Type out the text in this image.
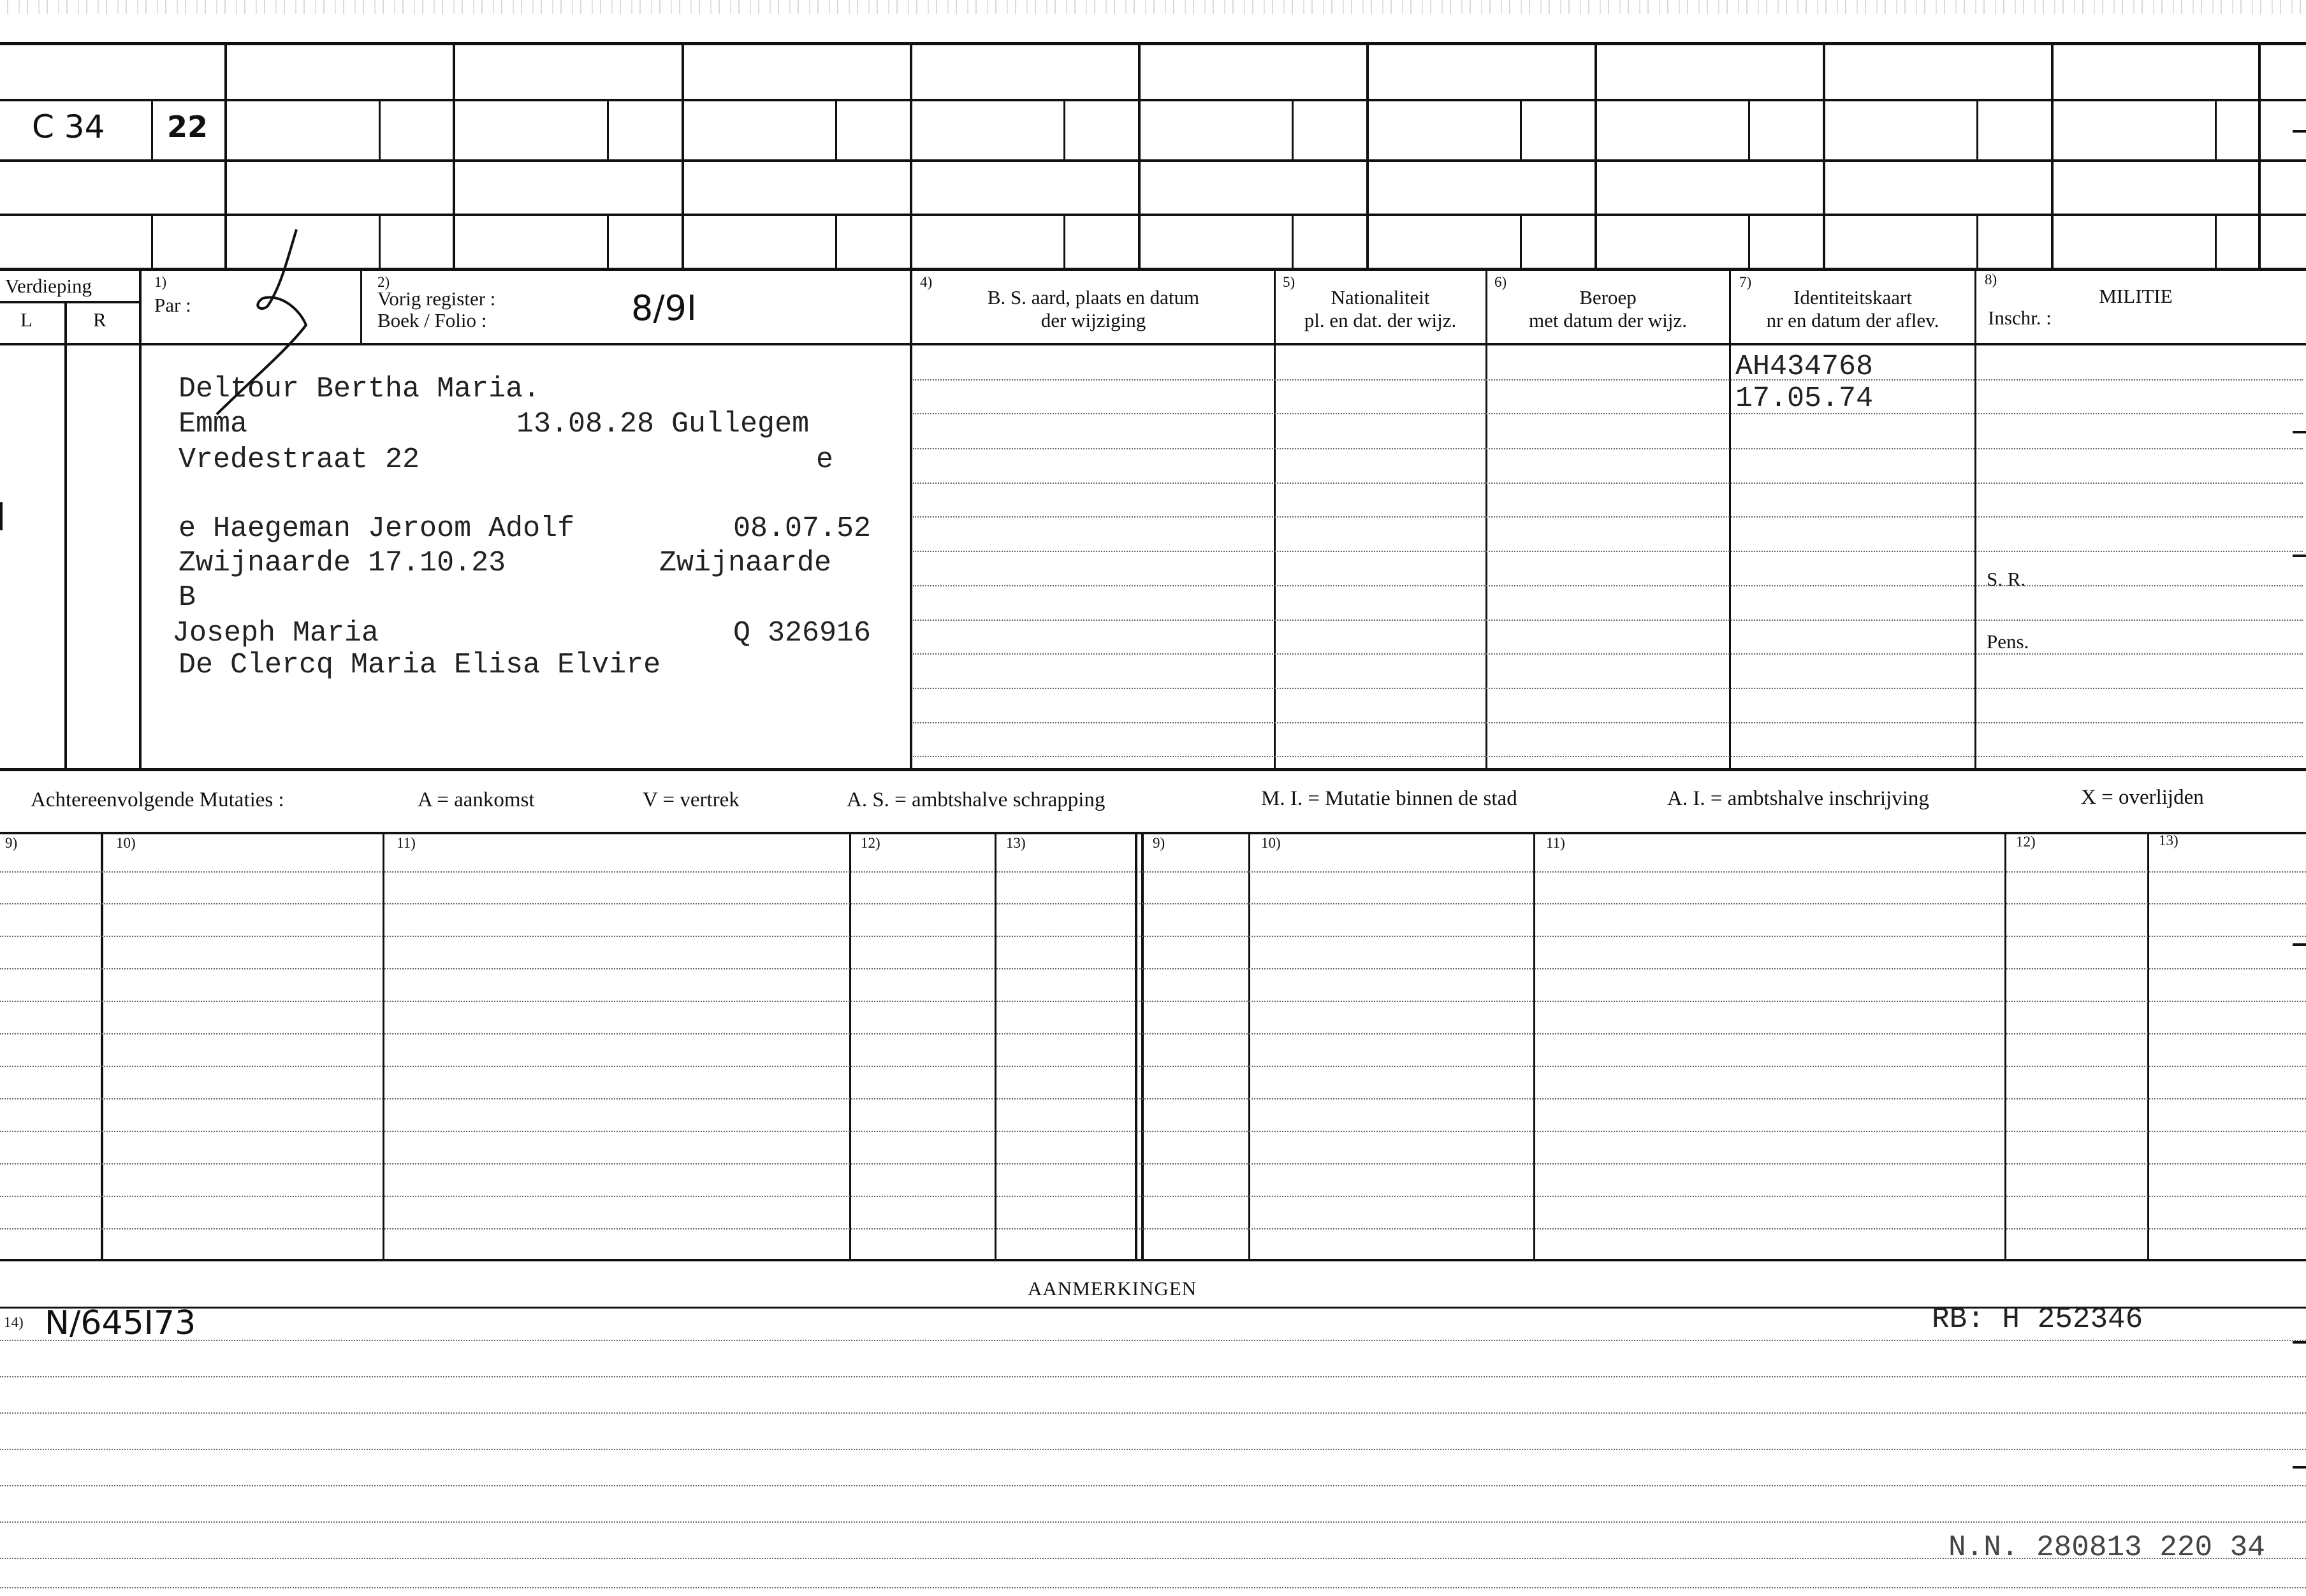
C 34 22
Verdieping
L	R
1)
Par :
2)
Vorig register :
Boek / Folio :	8/9I
4)
B. S. aard, plaats en datum
der wijziging
5)
Nationaliteit
pl. en dat. der wijz.
6)
Beroep
met datum der wijz.
7)
Identiteitskaart
nr en datum der aflev.
8)
MILITIE
Inschr. :
S. R.
Pens.
Deltour Bertha Maria.
Emma	13.08.28 Gullegem
Vredestraat 22	e
e Haegeman Jeroom Adolf	08.07.52
Zwijnaarde 17.10.23	Zwijnaarde
B
Joseph Maria	Q 326916
De Clercq Maria Elisa Elvire
AH434768
17.05.74
Achtereenvolgende Mutaties :	A = aankomst	V = vertrek	A. S. = ambtshalve schrapping	M. I. = Mutatie binnen de stad	A. I. = ambtshalve inschrijving	X = overlijden
9)	10)	11)	12)	13)	9)	10)	11)	12)	13)
AANMERKINGEN
14) N/645I73	RB: H 252346
N.N. 280813 220 34
